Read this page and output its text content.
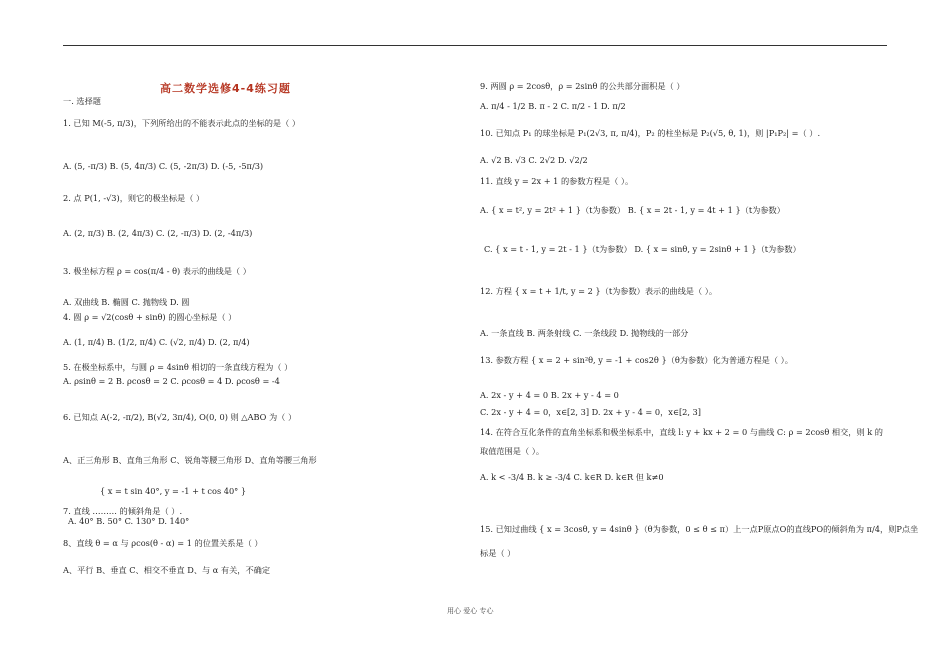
高二数学选修4-4练习题
一. 选择题
1. 已知 M(-5, π/3)，下列所给出的不能表示此点的坐标的是（ ）
A. (5, -π/3) B. (5, 4π/3) C. (5, -2π/3) D. (-5, -5π/3)
2. 点 P(1, -√3)，则它的极坐标是（ ）
A. (2, π/3) B. (2, 4π/3) C. (2, -π/3) D. (2, -4π/3)
3. 极坐标方程 ρ = cos(π/4 - θ) 表示的曲线是（ ）
A. 双曲线 B. 椭圆 C. 抛物线 D. 圆
4. 圆 ρ = √2(cosθ + sinθ) 的圆心坐标是（ ）
A. (1, π/4) B. (1/2, π/4) C. (√2, π/4) D. (2, π/4)
5. 在极坐标系中，与圆 ρ = 4sinθ 相切的一条直线方程为（ ）
A. ρsinθ = 2 B. ρcosθ = 2 C. ρcosθ = 4 D. ρcosθ = -4
6. 已知点 A(-2, -π/2), B(√2, 3π/4), O(0, 0) 则 △ABO 为（ ）
A、正三角形 B、直角三角形 C、锐角等腰三角形 D、直角等腰三角形
{ x = t sin 40°, y = -1 + t cos 40° }
7. 直线 ……… 的倾斜角是（ ）.
A. 40° B. 50° C. 130° D. 140°
8、直线 θ = α 与 ρcos(θ - α) = 1 的位置关系是（ ）
A、平行 B、垂直 C、相交不垂直 D、与 α 有关，不确定
9. 两圆 ρ = 2cosθ，ρ = 2sinθ 的公共部分面积是（ ）
A. π/4 - 1/2 B. π - 2 C. π/2 - 1 D. π/2
10. 已知点 P₁ 的球坐标是 P₁(2√3, π, π/4)，P₂ 的柱坐标是 P₂(√5, θ, 1)，则 |P₁P₂| =（ ）.
A. √2 B. √3 C. 2√2 D. √2/2
11. 直线 y = 2x + 1 的参数方程是（ ）。
A. { x = t², y = 2t² + 1 }（t为参数） B. { x = 2t - 1, y = 4t + 1 }（t为参数）
C. { x = t - 1, y = 2t - 1 }（t为参数） D. { x = sinθ, y = 2sinθ + 1 }（t为参数）
12. 方程 { x = t + 1/t, y = 2 }（t为参数）表示的曲线是（ ）。
A. 一条直线 B. 两条射线 C. 一条线段 D. 抛物线的一部分
13. 参数方程 { x = 2 + sin²θ, y = -1 + cos2θ }（θ为参数）化为普通方程是（ ）。
A. 2x - y + 4 = 0 B. 2x + y - 4 = 0
C. 2x - y + 4 = 0，x∈[2, 3] D. 2x + y - 4 = 0，x∈[2, 3]
14. 在符合互化条件的直角坐标系和极坐标系中，直线 l: y + kx + 2 = 0 与曲线 C: ρ = 2cosθ 相交，则 k 的
取值范围是（ ）。
A. k < -3/4 B. k ≥ -3/4 C. k∈R D. k∈R 但 k≠0
15. 已知过曲线 { x = 3cosθ, y = 4sinθ }（θ为参数，0 ≤ θ ≤ π）上一点P原点O的直线PO的倾斜角为 π/4，则P点坐
标是（ ）
用心 爱心 专心
